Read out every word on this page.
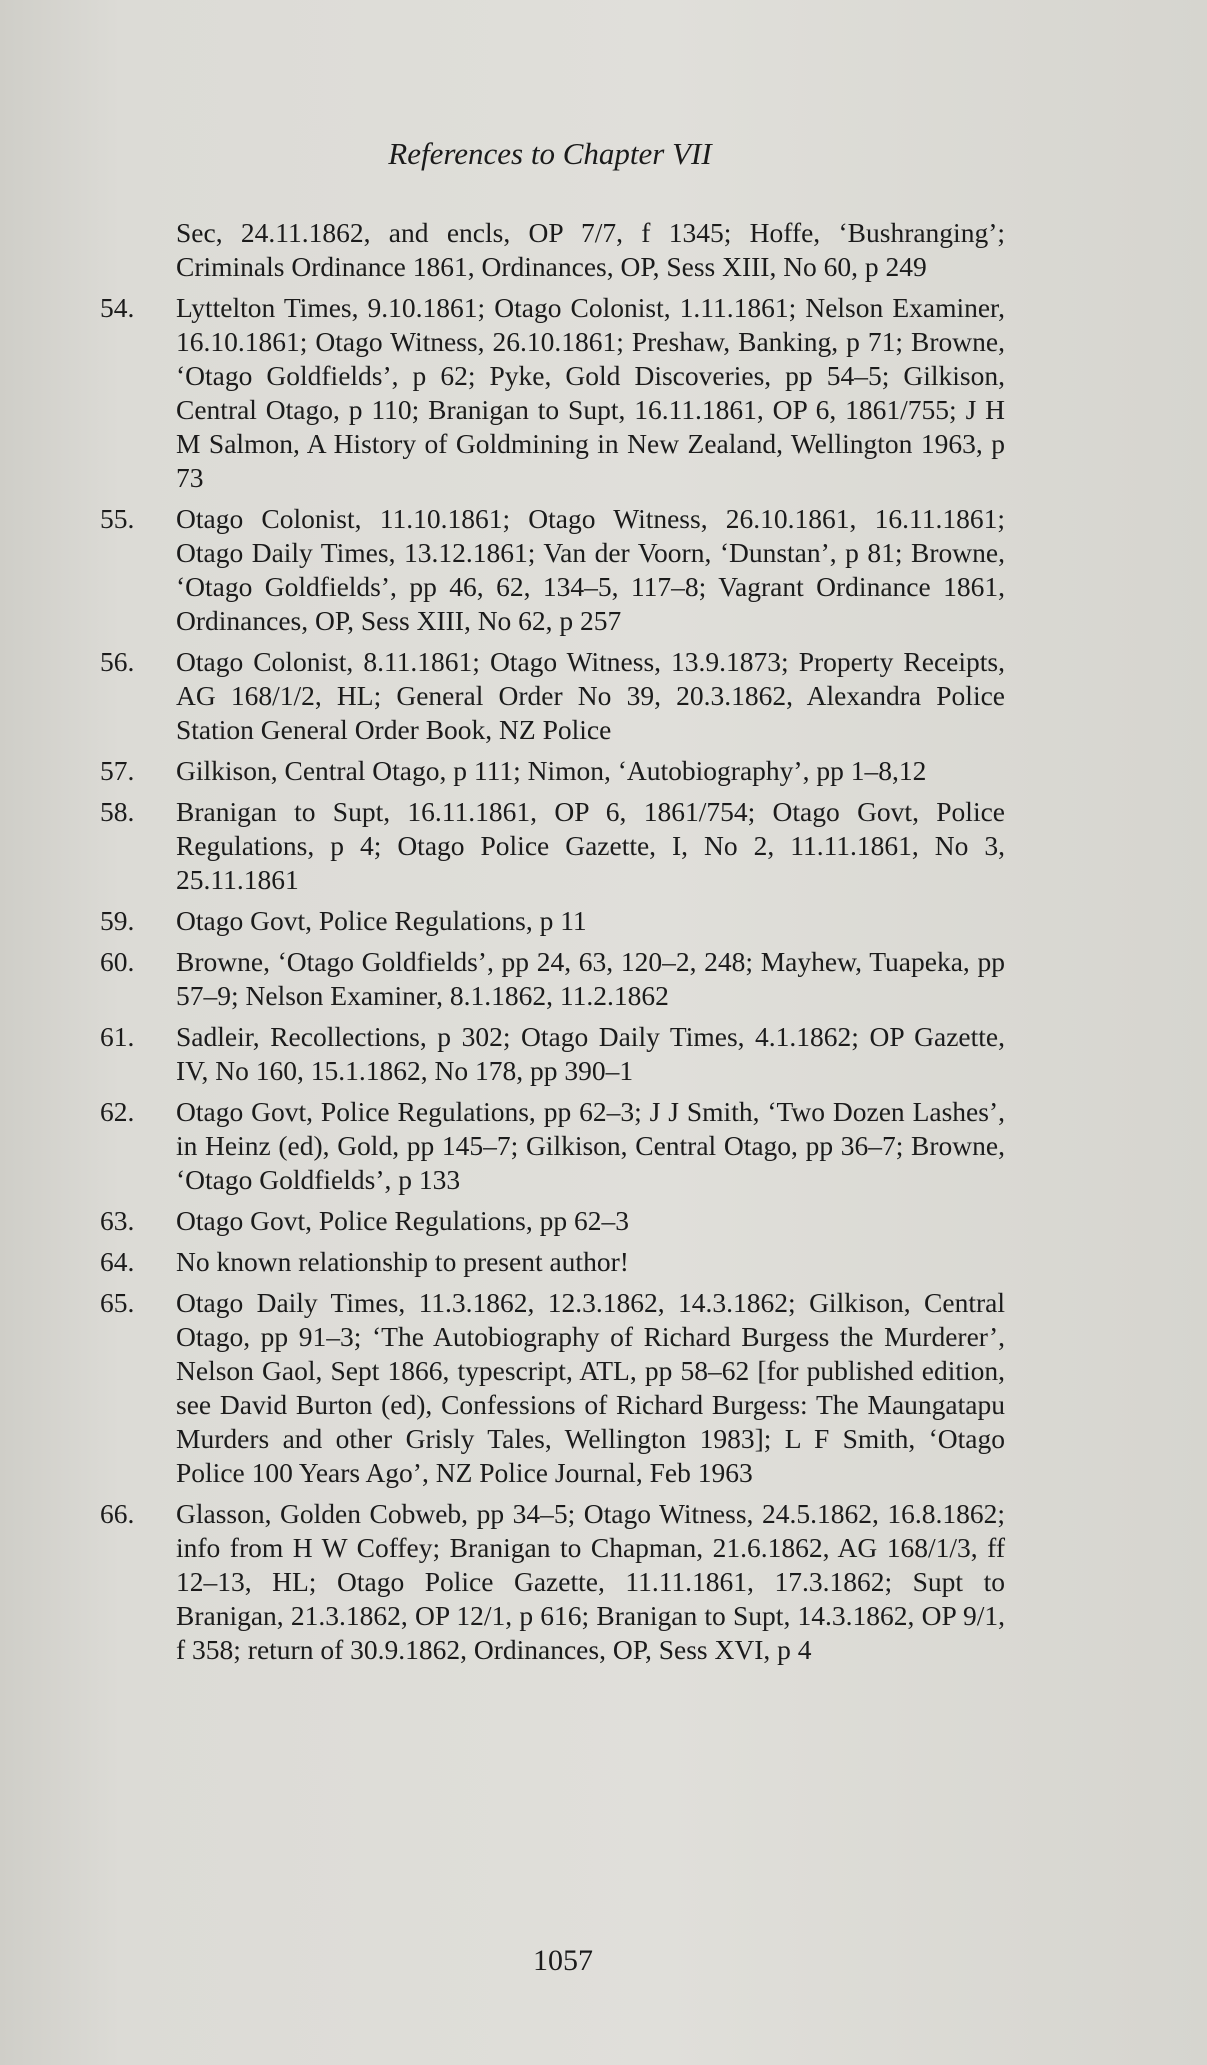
References to Chapter VII
Sec, 24.11.1862, and encls, OP 7/7, f 1345; Hoffe, ‘Bushranging’; Criminals Ordinance 1861, Ordinances, OP, Sess XIII, No 60, p 249
54.	Lyttelton Times, 9.10.1861; Otago Colonist, 1.11.1861; Nelson Examiner, 16.10.1861; Otago Witness, 26.10.1861; Preshaw, Banking, p 71; Browne, ‘Otago Goldfields’, p 62; Pyke, Gold Discoveries, pp 54–5; Gilkison, Central Otago, p 110; Branigan to Supt, 16.11.1861, OP 6, 1861/755; J H M Salmon, A History of Goldmining in New Zealand, Wellington 1963, p 73
55.	Otago Colonist, 11.10.1861; Otago Witness, 26.10.1861, 16.11.1861; Otago Daily Times, 13.12.1861; Van der Voorn, ‘Dunstan’, p 81; Browne, ‘Otago Goldfields’, pp 46, 62, 134–5, 117–8; Vagrant Ordinance 1861, Ordinances, OP, Sess XIII, No 62, p 257
56.	Otago Colonist, 8.11.1861; Otago Witness, 13.9.1873; Property Receipts, AG 168/1/2, HL; General Order No 39, 20.3.1862, Alexandra Police Station General Order Book, NZ Police
57.	Gilkison, Central Otago, p 111; Nimon, ‘Autobiography’, pp 1–8,12
58.	Branigan to Supt, 16.11.1861, OP 6, 1861/754; Otago Govt, Police Regulations, p 4; Otago Police Gazette, I, No 2, 11.11.1861, No 3, 25.11.1861
59.	Otago Govt, Police Regulations, p 11
60.	Browne, ‘Otago Goldfields’, pp 24, 63, 120–2, 248; Mayhew, Tuapeka, pp 57–9; Nelson Examiner, 8.1.1862, 11.2.1862
61.	Sadleir, Recollections, p 302; Otago Daily Times, 4.1.1862; OP Gazette, IV, No 160, 15.1.1862, No 178, pp 390–1
62.	Otago Govt, Police Regulations, pp 62–3; J J Smith, ‘Two Dozen Lashes’, in Heinz (ed), Gold, pp 145–7; Gilkison, Central Otago, pp 36–7; Browne, ‘Otago Goldfields’, p 133
63.	Otago Govt, Police Regulations, pp 62–3
64.	No known relationship to present author!
65.	Otago Daily Times, 11.3.1862, 12.3.1862, 14.3.1862; Gilkison, Central Otago, pp 91–3; ‘The Autobiography of Richard Burgess the Murderer’, Nelson Gaol, Sept 1866, typescript, ATL, pp 58–62 [for published edition, see David Burton (ed), Confessions of Richard Burgess: The Maungatapu Murders and other Grisly Tales, Wellington 1983]; L F Smith, ‘Otago Police 100 Years Ago’, NZ Police Journal, Feb 1963
66.	Glasson, Golden Cobweb, pp 34–5; Otago Witness, 24.5.1862, 16.8.1862; info from H W Coffey; Branigan to Chapman, 21.6.1862, AG 168/1/3, ff 12–13, HL; Otago Police Gazette, 11.11.1861, 17.3.1862; Supt to Branigan, 21.3.1862, OP 12/1, p 616; Branigan to Supt, 14.3.1862, OP 9/1, f 358; return of 30.9.1862, Ordinances, OP, Sess XVI, p 4
1057
